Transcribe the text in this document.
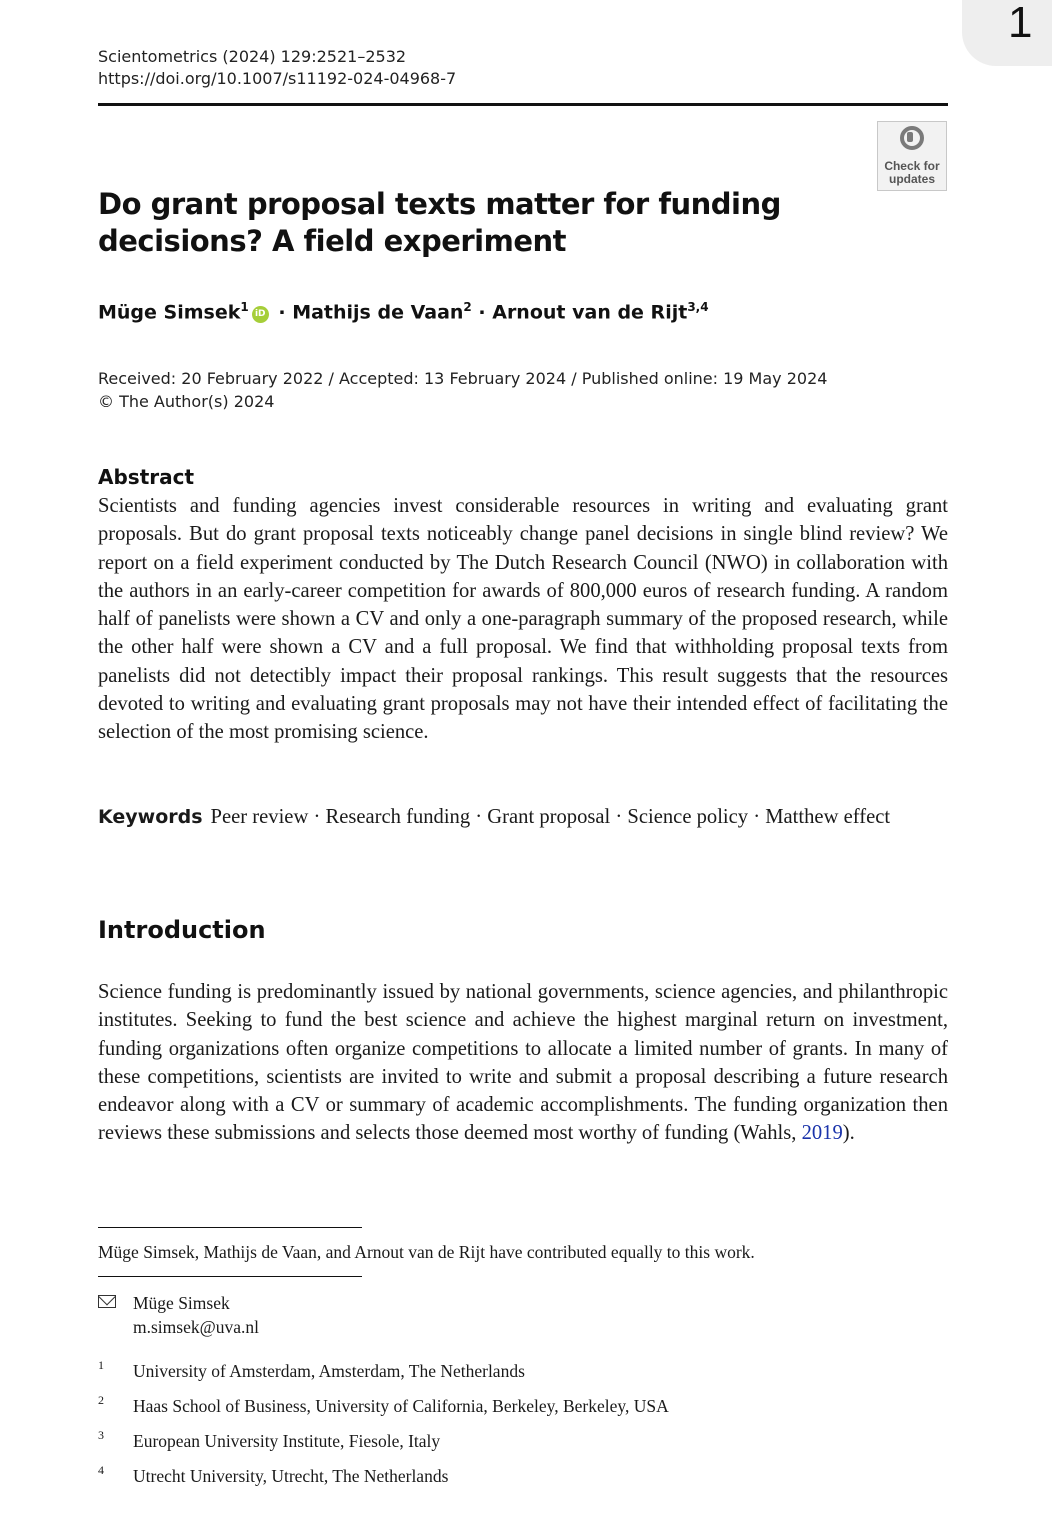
1
Scientometrics (2024) 129:2521–2532
https://doi.org/10.1007/s11192-024-04968-7
Check for
updates
Do grant proposal texts matter for funding decisions? A field experiment
Müge Simsek$^1$iD · Mathijs de Vaan$^2$ · Arnout van de Rijt$^{3,4}$
Received: 20 February 2022 / Accepted: 13 February 2024 / Published online: 19 May 2024
© The Author(s) 2024
Abstract
Scientists and funding agencies invest considerable resources in writing and evaluating grant proposals. But do grant proposal texts noticeably change panel decisions in single blind review? We report on a field experiment conducted by The Dutch Research Council (NWO) in collaboration with the authors in an early-career competition for awards of 800,000 euros of research funding. A random half of panelists were shown a CV and only a one-paragraph summary of the proposed research, while the other half were shown a CV and a full proposal. We find that withholding proposal texts from panelists did not detectibly impact their proposal rankings. This result suggests that the resources devoted to writing and evaluating grant proposals may not have their intended effect of facilitating the selection of the most promising science.
Keywords Peer review · Research funding · Grant proposal · Science policy · Matthew effect
Introduction
Science funding is predominantly issued by national governments, science agencies, and philanthropic institutes. Seeking to fund the best science and achieve the highest marginal return on investment, funding organizations often organize competitions to allocate a limited number of grants. In many of these competitions, scientists are invited to write and submit a proposal describing a future research endeavor along with a CV or summary of academic accomplishments. The funding organization then reviews these submissions and selects those deemed most worthy of funding (Wahls, 2019).
Müge Simsek, Mathijs de Vaan, and Arnout van de Rijt have contributed equally to this work.
Müge Simsek
m.simsek@uva.nl
1 University of Amsterdam, Amsterdam, The Netherlands
2 Haas School of Business, University of California, Berkeley, Berkeley, USA
3 European University Institute, Fiesole, Italy
4 Utrecht University, Utrecht, The Netherlands
